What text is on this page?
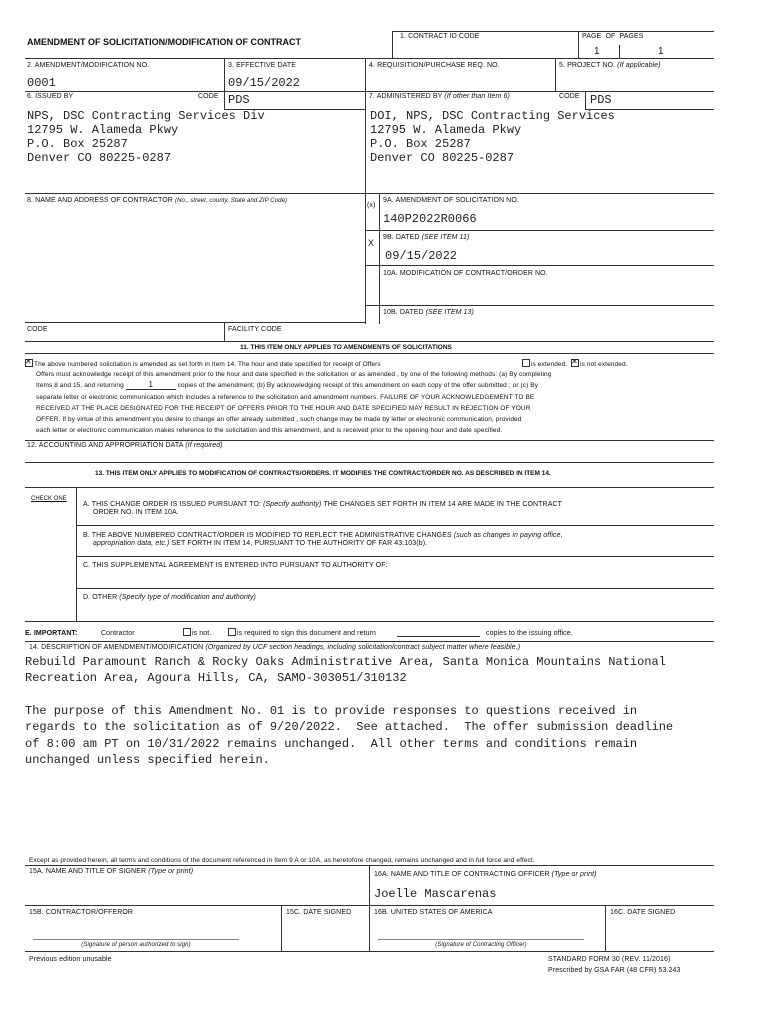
AMENDMENT OF SOLICITATION/MODIFICATION OF CONTRACT
1. CONTRACT ID CODE	PAGE OF PAGES
1	1
2. AMENDMENT/MODIFICATION NO.
0001
3. EFFECTIVE DATE
09/15/2022
4. REQUISITION/PURCHASE REQ. NO.	5. PROJECT NO. (If applicable)
6. ISSUED BY	CODE PDS
NPS, DSC Contracting Services Div
12795 W. Alameda Pkwy
P.O. Box 25287
Denver CO 80225-0287
7. ADMINISTERED BY (If other than Item 6)	CODE PDS
DOI, NPS, DSC Contracting Services
12795 W. Alameda Pkwy
P.O. Box 25287
Denver CO 80225-0287
8. NAME AND ADDRESS OF CONTRACTOR (No., street, county, State and ZIP Code)
(x)
9A. AMENDMENT OF SOLICITATION NO.
140P2022R0066
X
9B. DATED (SEE ITEM 11)
09/15/2022
10A. MODIFICATION OF CONTRACT/ORDER NO.
10B. DATED (SEE ITEM 13)
CODE	FACILITY CODE
11. THIS ITEM ONLY APPLIES TO AMENDMENTS OF SOLICITATIONS
✕The above numbered solicitation is amended as set forth in Item 14. The hour and date specified for receipt of Offers	is extended.  ✕ is not extended.
Offers must acknowledge receipt of this amendment prior to the hour and date specified in the solicitation or as amended , by one of the following methods: (a) By completing
Items 8 and 15, and returning	1	copies of the amendment; (b) By acknowledging receipt of this amendment on each copy of the offer submitted ; or (c) By
separate letter or electronic communication which includes a reference to the solicitation and amendment numbers. FAILURE OF YOUR ACKNOWLEDGEMENT TO BE
RECEIVED AT THE PLACE DESIGNATED FOR THE RECEIPT OF OFFERS PRIOR TO THE HOUR AND DATE SPECIFIED MAY RESULT IN REJECTION OF YOUR
OFFER. If by virtue of this amendment you desire to change an offer already submitted , such change may be made by letter or electronic communication, provided
each letter or electronic communication makes reference to the solicitation and this amendment, and is received prior to the opening hour and date specified.
12. ACCOUNTING AND APPROPRIATION DATA (If required)
13. THIS ITEM ONLY APPLIES TO MODIFICATION OF CONTRACTS/ORDERS. IT MODIFIES THE CONTRACT/ORDER NO. AS DESCRIBED IN ITEM 14.
CHECK ONE
A. THIS CHANGE ORDER IS ISSUED PURSUANT TO: (Specify authority) THE CHANGES SET FORTH IN ITEM 14 ARE MADE IN THE CONTRACT
ORDER NO. IN ITEM 10A.
B. THE ABOVE NUMBERED CONTRACT/ORDER IS MODIFIED TO REFLECT THE ADMINISTRATIVE CHANGES (such as changes in paying office,
appropriation data, etc.) SET FORTH IN ITEM 14, PURSUANT TO THE AUTHORITY OF FAR 43.103(b).
C. THIS SUPPLEMENTAL AGREEMENT IS ENTERED INTO PURSUANT TO AUTHORITY OF:
D. OTHER (Specify type of modification and authority)
E. IMPORTANT:	Contractor	is not.	is required to sign this document and return	copies to the issuing office.
14. DESCRIPTION OF AMENDMENT/MODIFICATION (Organized by UCF section headings, including solicitation/contract subject matter where feasible.)
Rebuild Paramount Ranch & Rocky Oaks Administrative Area, Santa Monica Mountains National
Recreation Area, Agoura Hills, CA, SAMO-303051/310132
The purpose of this Amendment No. 01 is to provide responses to questions received in
regards to the solicitation as of 9/20/2022.  See attached.  The offer submission deadline
of 8:00 am PT on 10/31/2022 remains unchanged.  All other terms and conditions remain
unchanged unless specified herein.
Except as provided herein, all terms and conditions of the document referenced in Item 9 A or 10A, as heretofore changed, remains unchanged and in full force and effect.
15A. NAME AND TITLE OF SIGNER (Type or print)	16A. NAME AND TITLE OF CONTRACTING OFFICER (Type or print)
Joelle Mascarenas
15B. CONTRACTOR/OFFEROR	15C. DATE SIGNED	16B. UNITED STATES OF AMERICA	16C. DATE SIGNED
(Signature of person authorized to sign)	(Signature of Contracting Officer)
Previous edition unusable	STANDARD FORM 30 (REV. 11/2016)
Prescribed by GSA FAR (48 CFR) 53.243
